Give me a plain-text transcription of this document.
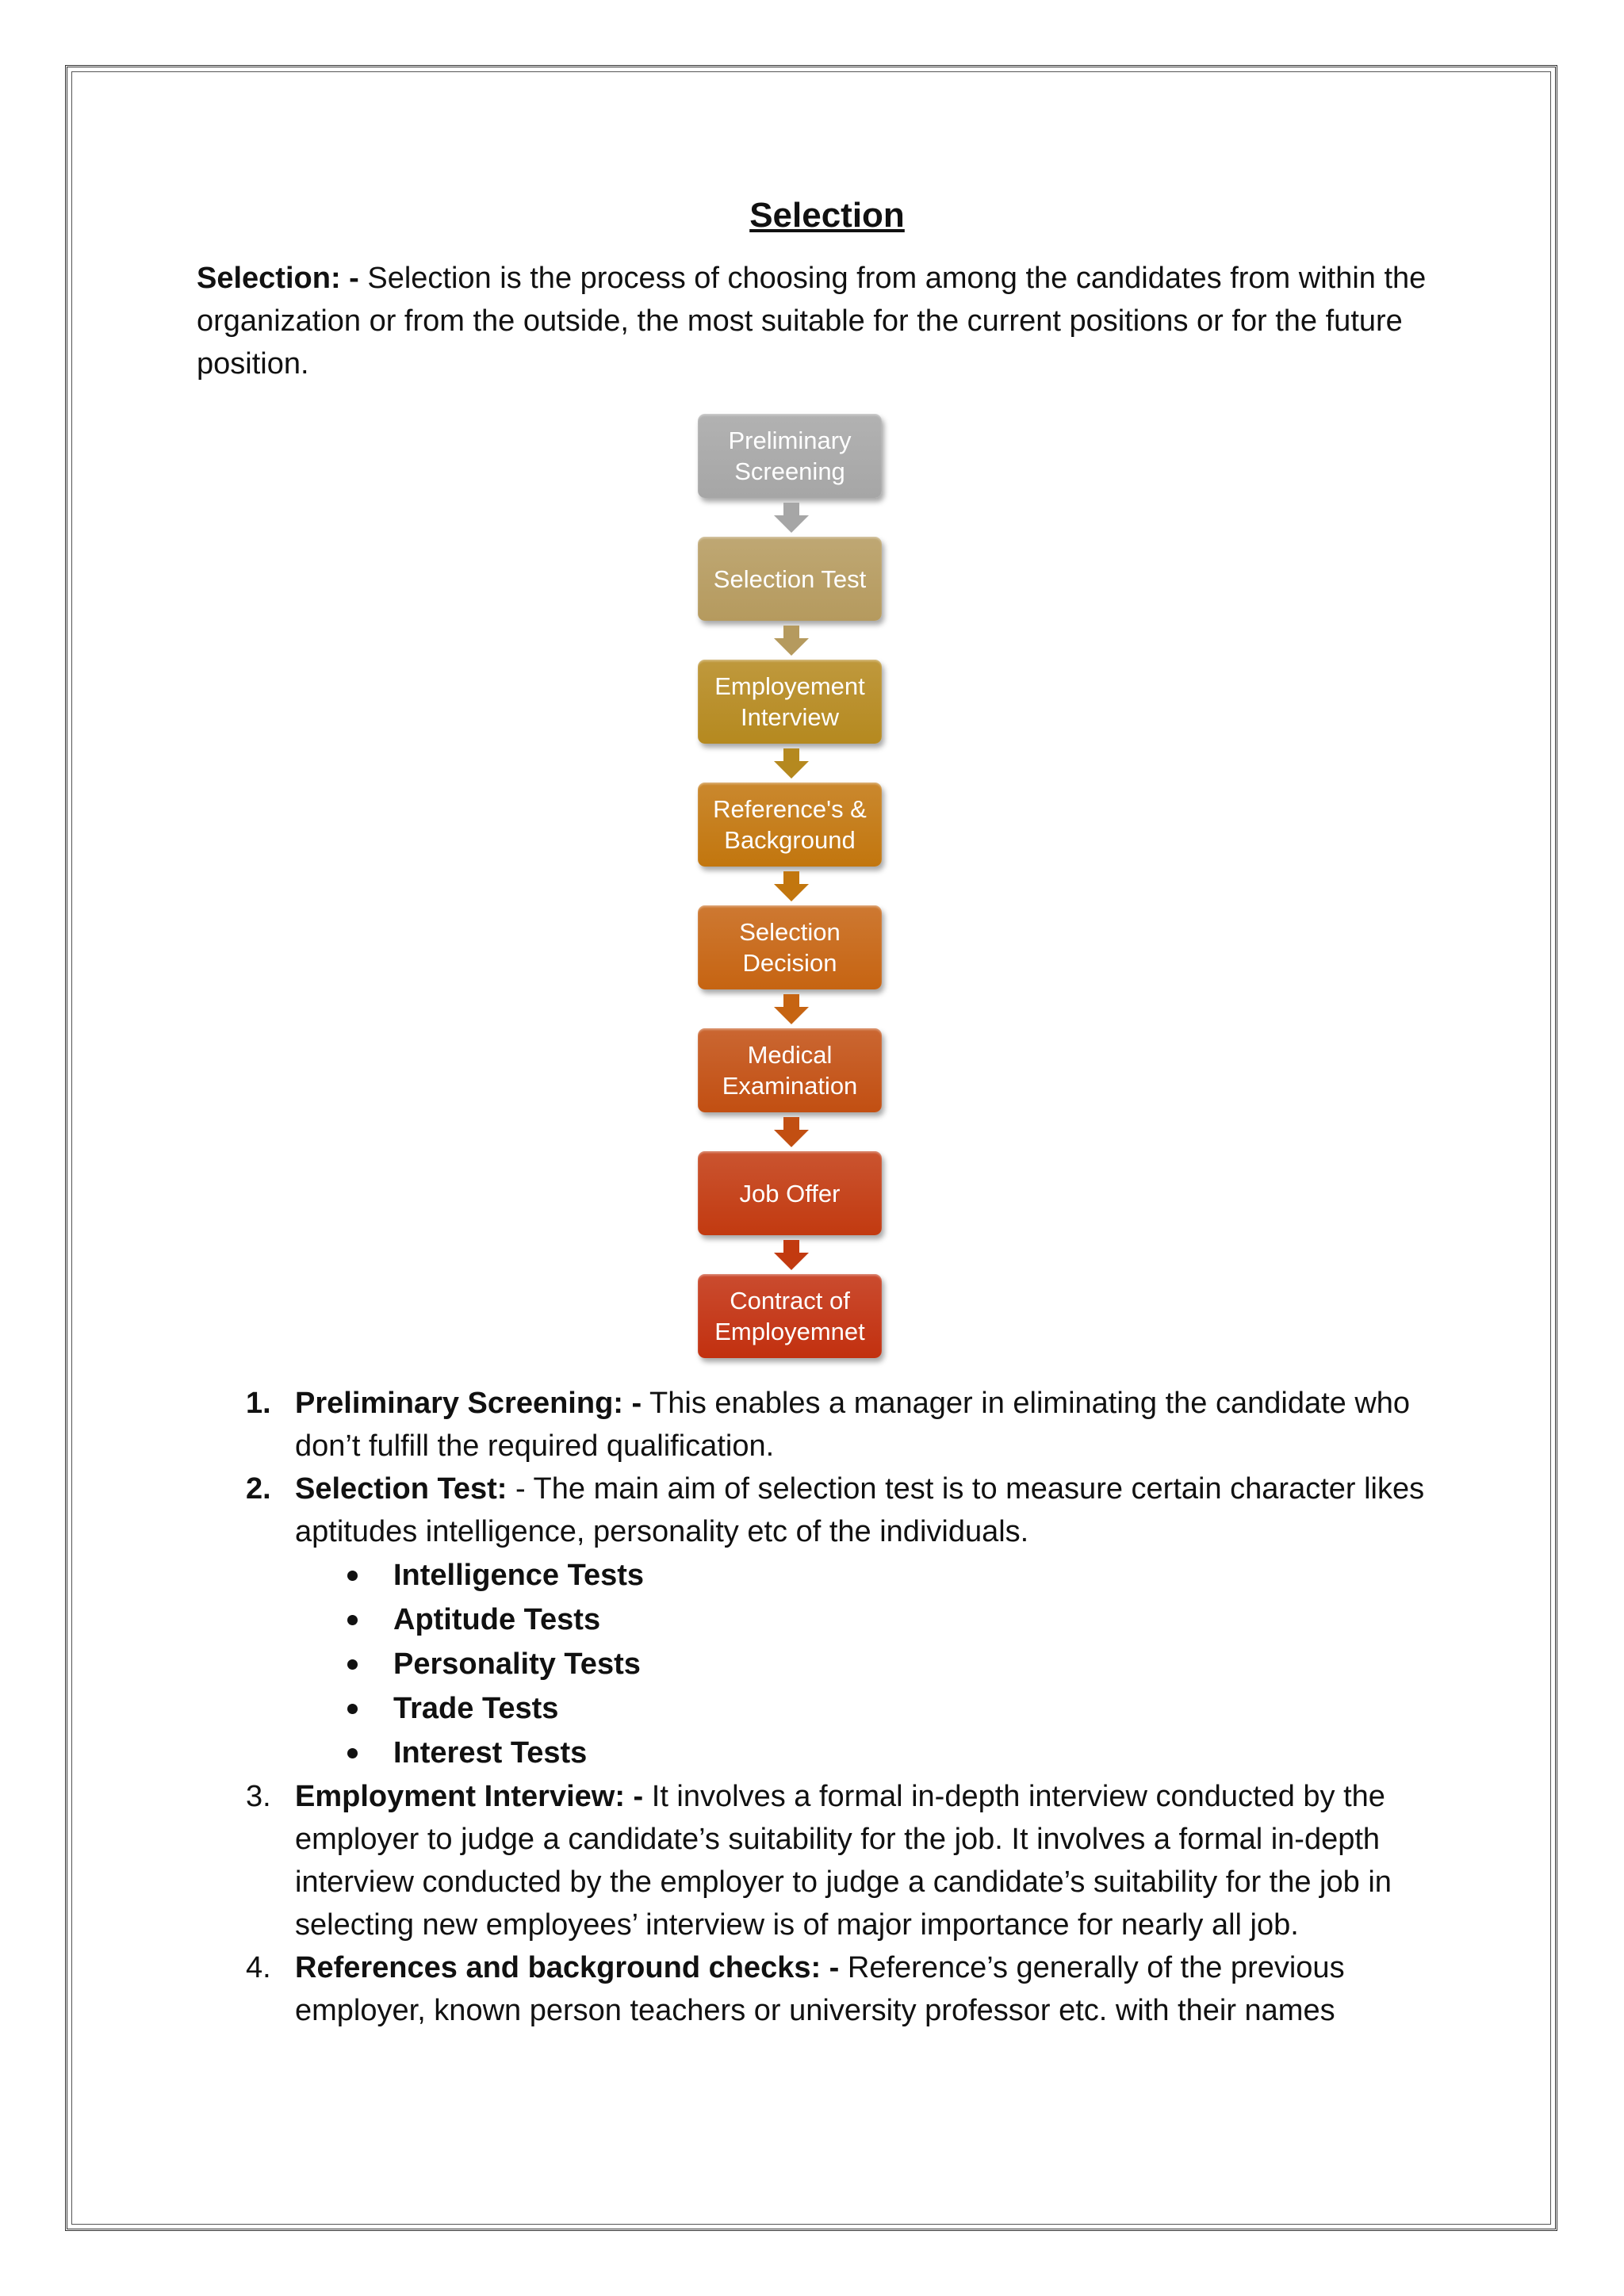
Selection

Selection: - Selection is the process of choosing from among the candidates from within the organization or from the outside, the most suitable for the current positions or for the future position.

Preliminary Screening
Selection Test
Employement Interview
Reference's & Background
Selection Decision
Medical Examination
Job Offer
Contract of Employemnet
1. Preliminary Screening: - This enables a manager in eliminating the candidate who don’t fulfill the required qualification.
2. Selection Test: - The main aim of selection test is to measure certain character likes aptitudes intelligence, personality etc of the individuals.
Intelligence Tests
Aptitude Tests
Personality Tests
Trade Tests
Interest Tests
3. Employment Interview: - It involves a formal in-depth interview conducted by the employer to judge a candidate’s suitability for the job. It involves a formal in-depth interview conducted by the employer to judge a candidate’s suitability for the job in selecting new employees’ interview is of major importance for nearly all job.
4. References and background checks: - Reference’s generally of the previous employer, known person teachers or university professor etc. with their names
